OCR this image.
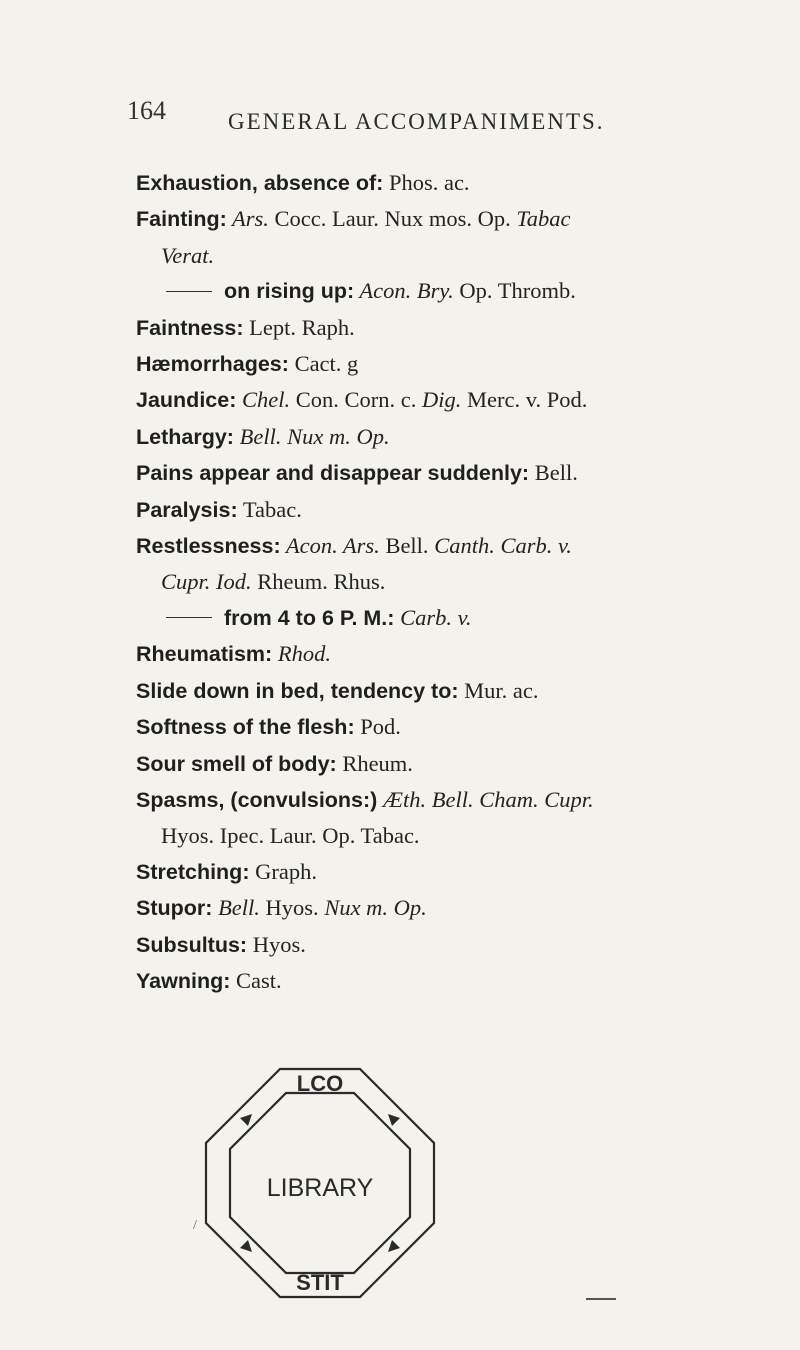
164	GENERAL ACCOMPANIMENTS.
Exhaustion, absence of: Phos. ac.
Fainting: Ars. Cocc. Laur. Nux mos. Op. Tabac
Verat.
on rising up: Acon. Bry. Op. Thromb.
Faintness: Lept. Raph.
Hæmorrhages: Cact. g
Jaundice: Chel. Con. Corn. c. Dig. Merc. v. Pod.
Lethargy: Bell. Nux m. Op.
Pains appear and disappear suddenly: Bell.
Paralysis: Tabac.
Restlessness: Acon. Ars. Bell. Canth. Carb. v.
Cupr. Iod. Rheum. Rhus.
from 4 to 6 P. M.: Carb. v.
Rheumatism: Rhod.
Slide down in bed, tendency to: Mur. ac.
Softness of the flesh: Pod.
Sour smell of body: Rheum.
Spasms, (convulsions:) Æth. Bell. Cham. Cupr.
Hyos. Ipec. Laur. Op. Tabac.
Stretching: Graph.
Stupor: Bell. Hyos. Nux m. Op.
Subsultus: Hyos.
Yawning: Cast.
LCO
LIBRARY
STIT
/
